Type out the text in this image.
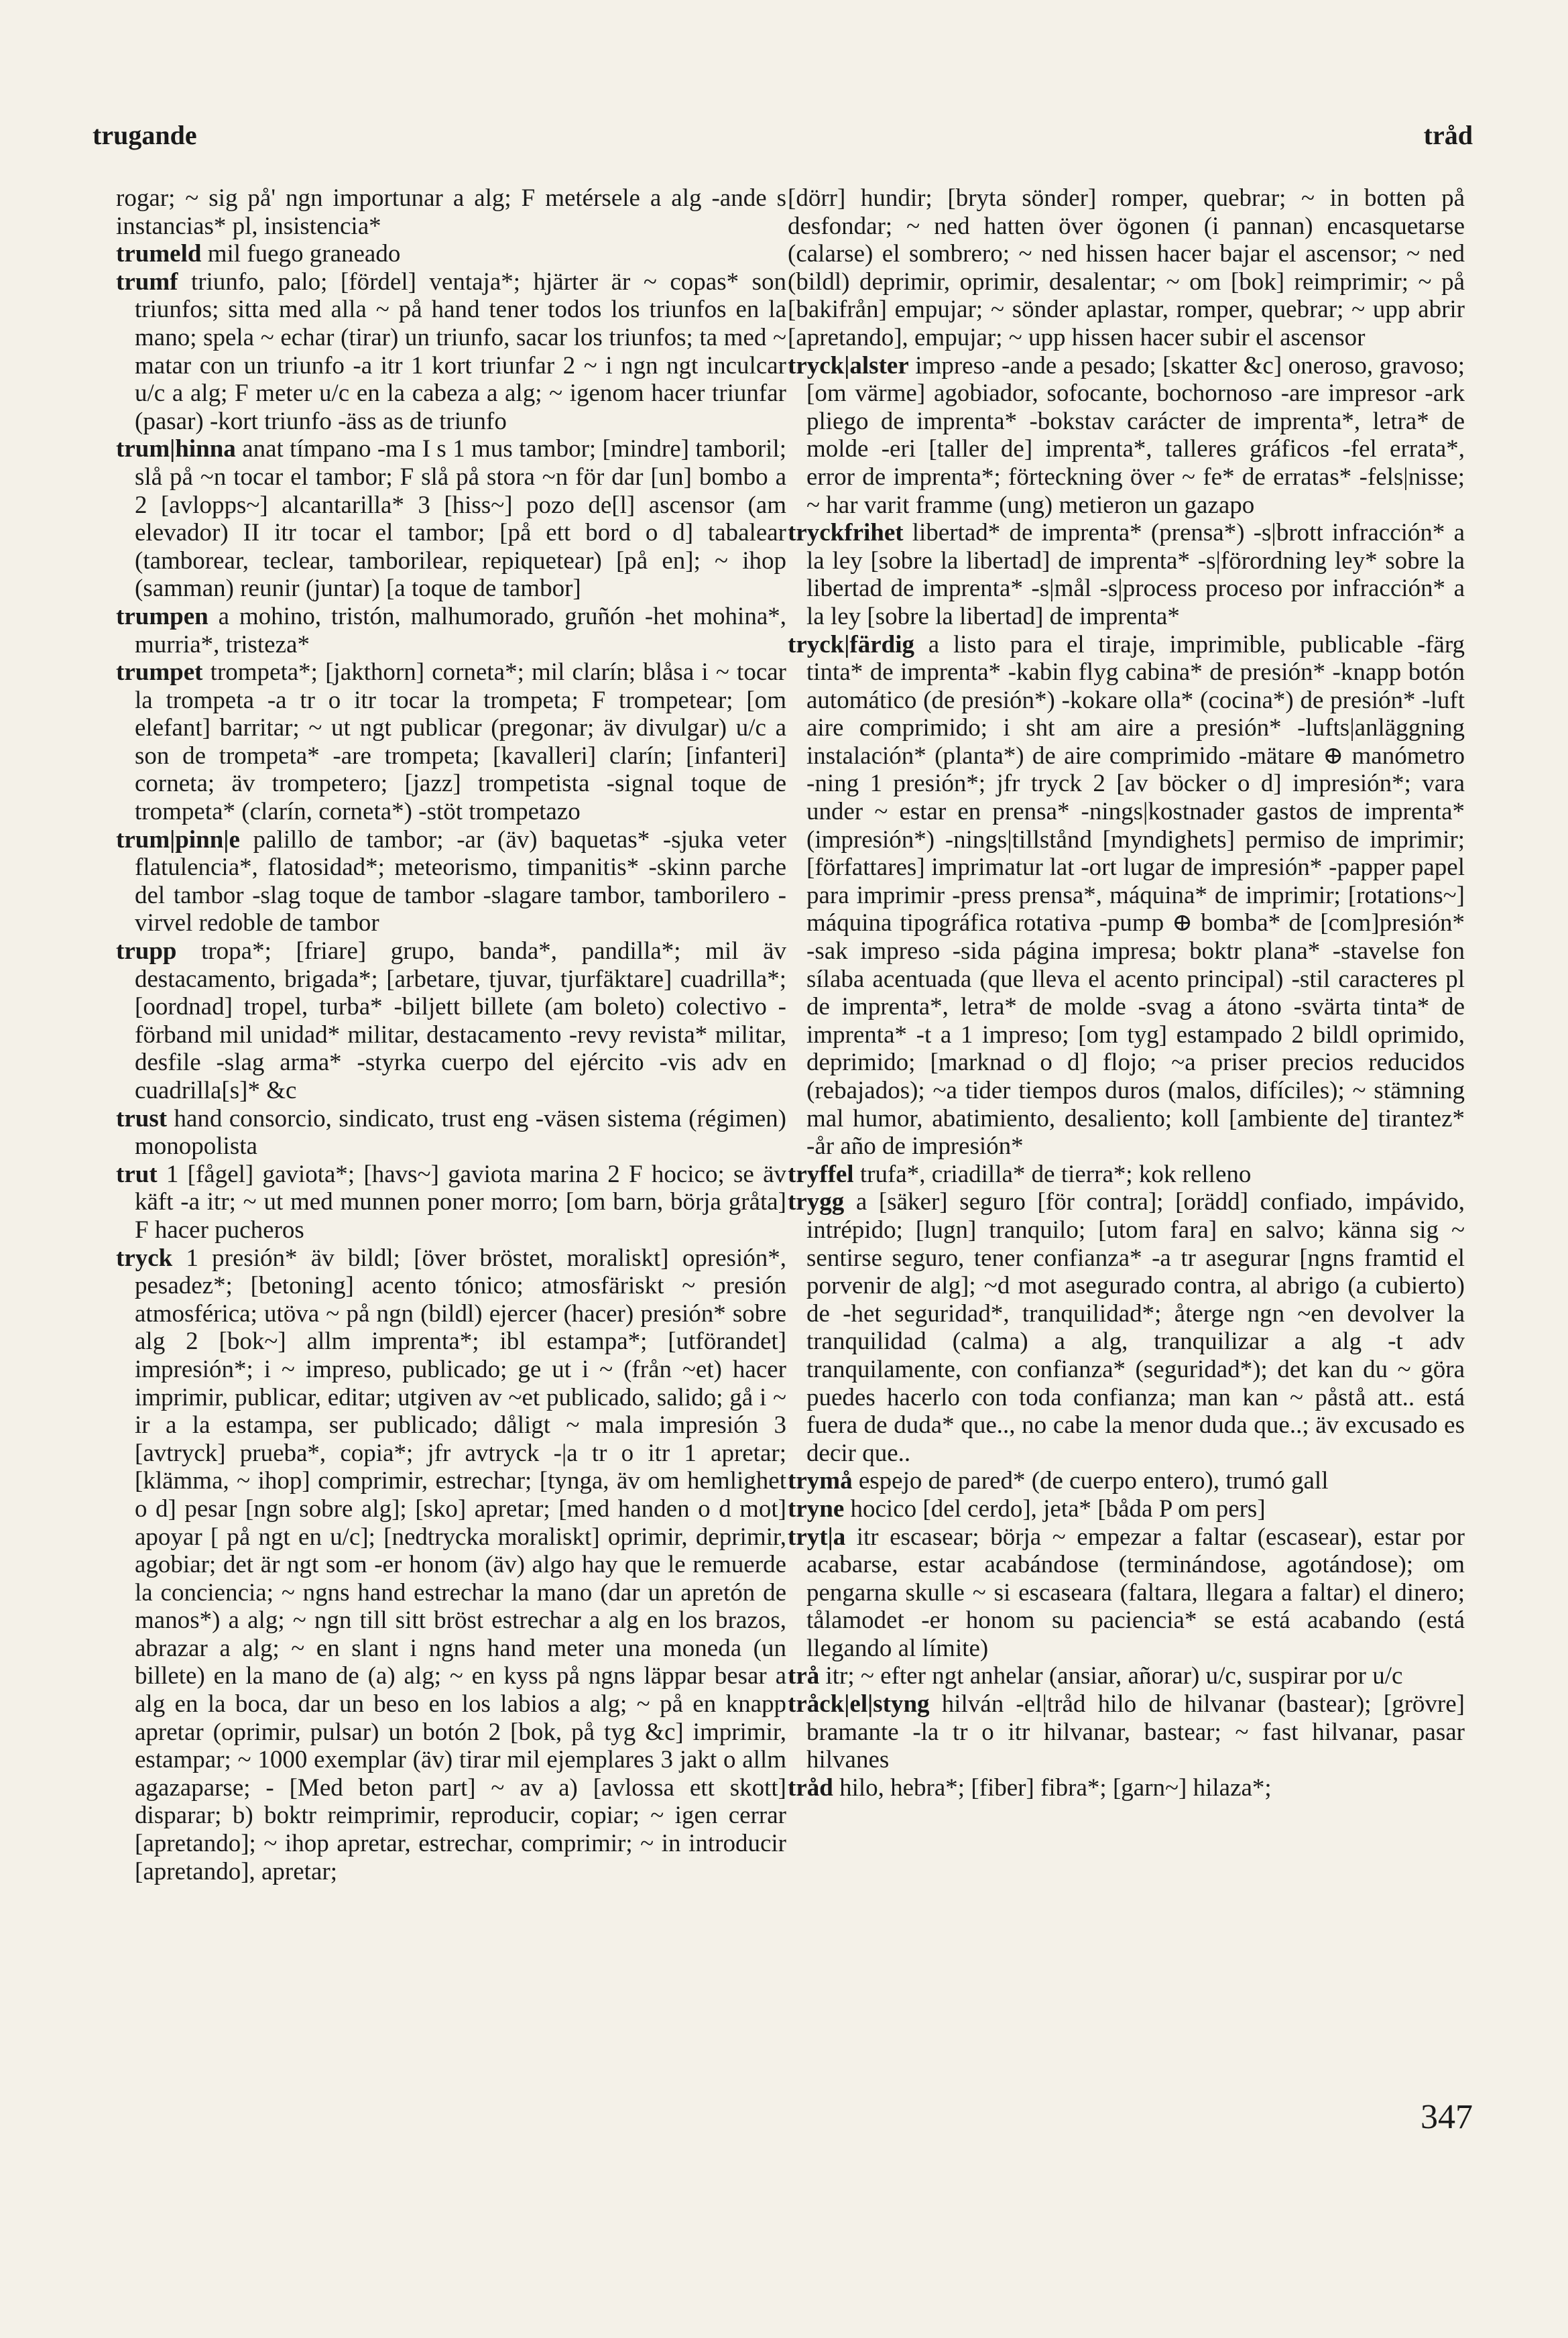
trugande	tråd

rogar; ~ sig på' ngn importunar a alg; F metérsele a alg -ande s instancias* pl, insistencia*

trumeld mil fuego graneado

trumf triunfo, palo; [fördel] ventaja*; hjärter är ~ copas* son triunfos; sitta med alla ~ på hand tener todos los triunfos en la mano; spela ~ echar (tirar) un triunfo, sacar los triunfos; ta med ~ matar con un triunfo -a itr 1 kort triunfar 2 ~ i ngn ngt inculcar u/c a alg; F meter u/c en la cabeza a alg; ~ igenom hacer triunfar (pasar) -kort triunfo -äss as de triunfo

trum|hinna anat tímpano -ma I s 1 mus tambor; [mindre] tamboril; slå på ~n tocar el tambor; F slå på stora ~n för dar [un] bombo a 2 [avlopps~] alcantarilla* 3 [hiss~] pozo de[l] ascensor (am elevador) II itr tocar el tambor; [på ett bord o d] tabalear (tamborear, teclear, tamborilear, repiquetear) [på en]; ~ ihop (samman) reunir (juntar) [a toque de tambor]

trumpen a mohino, tristón, malhumorado, gruñón -het mohina*, murria*, tristeza*

trumpet trompeta*; [jakthorn] corneta*; mil clarín; blåsa i ~ tocar la trompeta -a tr o itr tocar la trompeta; F trompetear; [om elefant] barritar; ~ ut ngt publicar (pregonar; äv divulgar) u/c a son de trompeta* -are trompeta; [kavalleri] clarín; [infanteri] corneta; äv trompetero; [jazz] trompetista -signal toque de trompeta* (clarín, corneta*) -stöt trompetazo

trum|pinn|e palillo de tambor; -ar (äv) baquetas* -sjuka veter flatulencia*, flatosidad*; meteorismo, timpanitis* -skinn parche del tambor -slag toque de tambor -slagare tambor, tamborilero -virvel redoble de tambor

trupp tropa*; [friare] grupo, banda*, pandilla*; mil äv destacamento, brigada*; [arbetare, tjuvar, tjurfäktare] cuadrilla*; [oordnad] tropel, turba* -biljett billete (am boleto) colectivo -förband mil unidad* militar, destacamento -revy revista* militar, desfile -slag arma* -styrka cuerpo del ejército -vis adv en cuadrilla[s]* &c

trust hand consorcio, sindicato, trust eng -väsen sistema (régimen) monopolista

trut 1 [fågel] gaviota*; [havs~] gaviota marina 2 F hocico; se äv käft -a itr; ~ ut med munnen poner morro; [om barn, börja gråta] F hacer pucheros

tryck 1 presión* äv bildl; [över bröstet, moraliskt] opresión*, pesadez*; [betoning] acento tónico; atmosfäriskt ~ presión atmosférica; utöva ~ på ngn (bildl) ejercer (hacer) presión* sobre alg 2 [bok~] allm imprenta*; ibl estampa*; [utförandet] impresión*; i ~ impreso, publicado; ge ut i ~ (från ~et) hacer imprimir, publicar, editar; utgiven av ~et publicado, salido; gå i ~ ir a la estampa, ser publicado; dåligt ~ mala impresión 3 [avtryck] prueba*, copia*; jfr avtryck -|a tr o itr 1 apretar; [klämma, ~ ihop] comprimir, estrechar; [tynga, äv om hemlighet o d] pesar [ngn sobre alg]; [sko] apretar; [med handen o d mot] apoyar [ på ngt en u/c]; [nedtrycka moraliskt] oprimir, deprimir, agobiar; det är ngt som -er honom (äv) algo hay que le remuerde la conciencia; ~ ngns hand estrechar la mano (dar un apretón de manos*) a alg; ~ ngn till sitt bröst estrechar a alg en los brazos, abrazar a alg; ~ en slant i ngns hand meter una moneda (un billete) en la mano de (a) alg; ~ en kyss på ngns läppar besar a alg en la boca, dar un beso en los labios a alg; ~ på en knapp apretar (oprimir, pulsar) un botón 2 [bok, på tyg &c] imprimir, estampar; ~ 1000 exemplar (äv) tirar mil ejemplares 3 jakt o allm agazaparse; - [Med beton part] ~ av a) [avlossa ett skott] disparar; b) boktr reimprimir, reproducir, copiar; ~ igen cerrar [apretando]; ~ ihop apretar, estrechar, comprimir; ~ in introducir [apretando], apretar;

[dörr] hundir; [bryta sönder] romper, quebrar; ~ in botten på desfondar; ~ ned hatten över ögonen (i pannan) encasquetarse (calarse) el sombrero; ~ ned hissen hacer bajar el ascensor; ~ ned (bildl) deprimir, oprimir, desalentar; ~ om [bok] reimprimir; ~ på [bakifrån] empujar; ~ sönder aplastar, romper, quebrar; ~ upp abrir [apretando], empujar; ~ upp hissen hacer subir el ascensor

tryck|alster impreso -ande a pesado; [skatter &c] oneroso, gravoso; [om värme] agobiador, sofocante, bochornoso -are impresor -ark pliego de imprenta* -bokstav carácter de imprenta*, letra* de molde -eri [taller de] imprenta*, talleres gráficos -fel errata*, error de imprenta*; förteckning över ~ fe* de erratas* -fels|nisse; ~ har varit framme (ung) metieron un gazapo

tryckfrihet libertad* de imprenta* (prensa*) -s|brott infracción* a la ley [sobre la libertad] de imprenta* -s|förordning ley* sobre la libertad de imprenta* -s|mål -s|process proceso por infracción* a la ley [sobre la libertad] de imprenta*

tryck|färdig a listo para el tiraje, imprimible, publicable -färg tinta* de imprenta* -kabin flyg cabina* de presión* -knapp botón automático (de presión*) -kokare olla* (cocina*) de presión* -luft aire comprimido; i sht am aire a presión* -lufts|anläggning instalación* (planta*) de aire comprimido -mätare ⊕ manómetro -ning 1 presión*; jfr tryck 2 [av böcker o d] impresión*; vara under ~ estar en prensa* -nings|kostnader gastos de imprenta* (impresión*) -nings|tillstånd [myndighets] permiso de imprimir; [författares] imprimatur lat -ort lugar de impresión* -papper papel para imprimir -press prensa*, máquina* de imprimir; [rotations~] máquina tipográfica rotativa -pump ⊕ bomba* de [com]presión* -sak impreso -sida página impresa; boktr plana* -stavelse fon sílaba acentuada (que lleva el acento principal) -stil caracteres pl de imprenta*, letra* de molde -svag a átono -svärta tinta* de imprenta* -t a 1 impreso; [om tyg] estampado 2 bildl oprimido, deprimido; [marknad o d] flojo; ~a priser precios reducidos (rebajados); ~a tider tiempos duros (malos, difíciles); ~ stämning mal humor, abatimiento, desaliento; koll [ambiente de] tirantez* -år año de impresión*

tryffel trufa*, criadilla* de tierra*; kok relleno

trygg a [säker] seguro [för contra]; [orädd] confiado, impávido, intrépido; [lugn] tranquilo; [utom fara] en salvo; känna sig ~ sentirse seguro, tener confianza* -a tr asegurar [ngns framtid el porvenir de alg]; ~d mot asegurado contra, al abrigo (a cubierto) de -het seguridad*, tranquilidad*; återge ngn ~en devolver la tranquilidad (calma) a alg, tranquilizar a alg -t adv tranquilamente, con confianza* (seguridad*); det kan du ~ göra puedes hacerlo con toda confianza; man kan ~ påstå att.. está fuera de duda* que.., no cabe la menor duda que..; äv excusado es decir que..

trymå espejo de pared* (de cuerpo entero), trumó gall

tryne hocico [del cerdo], jeta* [båda P om pers]

tryt|a itr escasear; börja ~ empezar a faltar (escasear), estar por acabarse, estar acabándose (terminándose, agotándose); om pengarna skulle ~ si escaseara (faltara, llegara a faltar) el dinero; tålamodet -er honom su paciencia* se está acabando (está llegando al límite)

trå itr; ~ efter ngt anhelar (ansiar, añorar) u/c, suspirar por u/c

tråck|el|styng hilván -el|tråd hilo de hilvanar (bastear); [grövre] bramante -la tr o itr hilvanar, bastear; ~ fast hilvanar, pasar hilvanes

tråd hilo, hebra*; [fiber] fibra*; [garn~] hilaza*;

347
